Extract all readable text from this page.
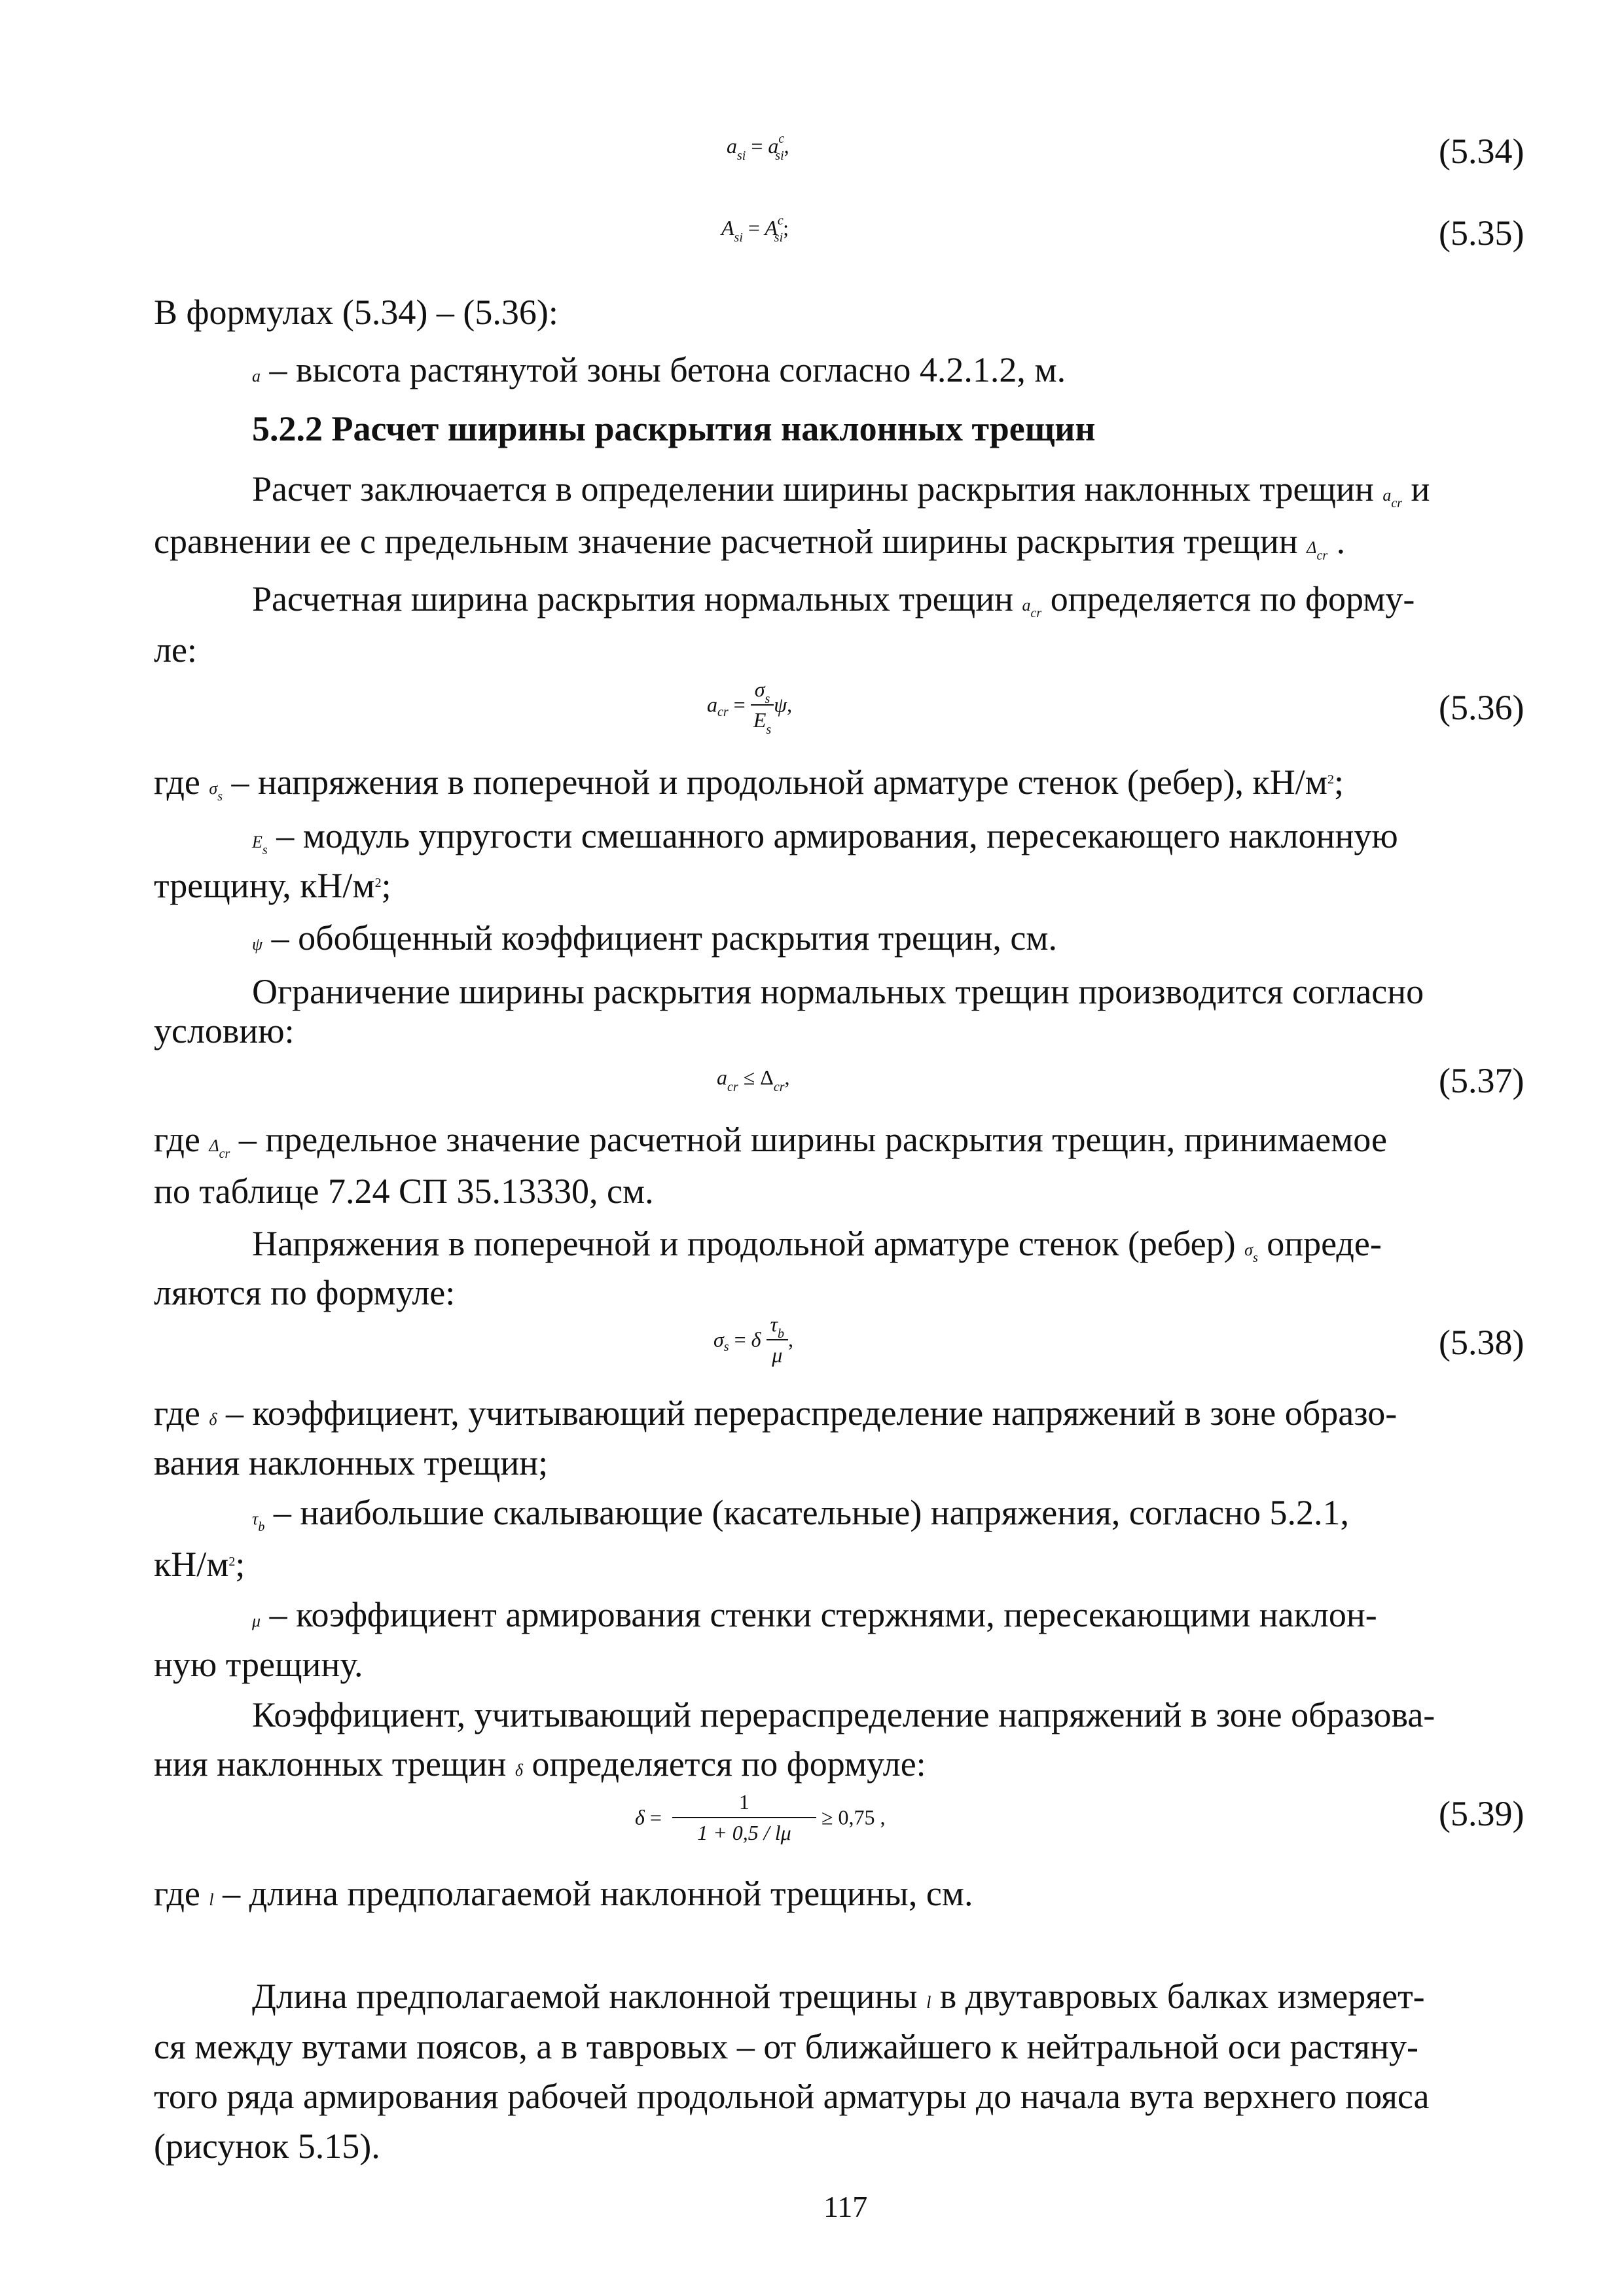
$a_{si} = a^c_{si}$,	(5.34)
$A_{si} = A^c_{si}$;	(5.35)
В формулах (5.34) – (5.36):
a – высота растянутой зоны бетона согласно 4.2.1.2, м.
5.2.2 Расчет ширины раскрытия наклонных трещин
Расчет заключается в определении ширины раскрытия наклонных трещин acr и
сравнении ее с предельным значение расчетной ширины раскрытия трещин Δcr .
Расчетная ширина раскрытия нормальных трещин acr определяется по форму-
ле:
$a_{cr} = \frac{\sigma_s}{E_s} \psi$,	(5.36)
где σs – напряжения в поперечной и продольной арматуре стенок (ребер), $кН/м^2$;
Es – модуль упругости смешанного армирования, пересекающего наклонную
трещину, $кН/м^2$;
ψ – обобщенный коэффициент раскрытия трещин, см.
Ограничение ширины раскрытия нормальных трещин производится согласно
условию:
$a_{cr} \le \Delta_{cr}$,	(5.37)
где Δcr – предельное значение расчетной ширины раскрытия трещин, принимаемое
по таблице 7.24 СП 35.13330, см.
Напряжения в поперечной и продольной арматуре стенок (ребер) σs опреде-
ляются по формуле:
$\sigma_s = \delta \frac{\tau_b}{\mu}$ ,	(5.38)
где δ – коэффициент, учитывающий перераспределение напряжений в зоне образо-
вания наклонных трещин;
τb – наибольшие скалывающие (касательные) напряжения, согласно 5.2.1,
$кН/м^2$;
μ – коэффициент армирования стенки стержнями, пересекающими наклон-
ную трещину.
Коэффициент, учитывающий перераспределение напряжений в зоне образова-
ния наклонных трещин δ определяется по формуле:
$\delta = \frac{1}{1 + 0,5 / l\mu} \ge 0,75$ ,	(5.39)
где l – длина предполагаемой наклонной трещины, см.
Длина предполагаемой наклонной трещины l в двутавровых балках измеряет-
ся между вутами поясов, а в тавровых – от ближайшего к нейтральной оси растяну-
того ряда армирования рабочей продольной арматуры до начала вута верхнего пояса
(рисунок 5.15).
117
